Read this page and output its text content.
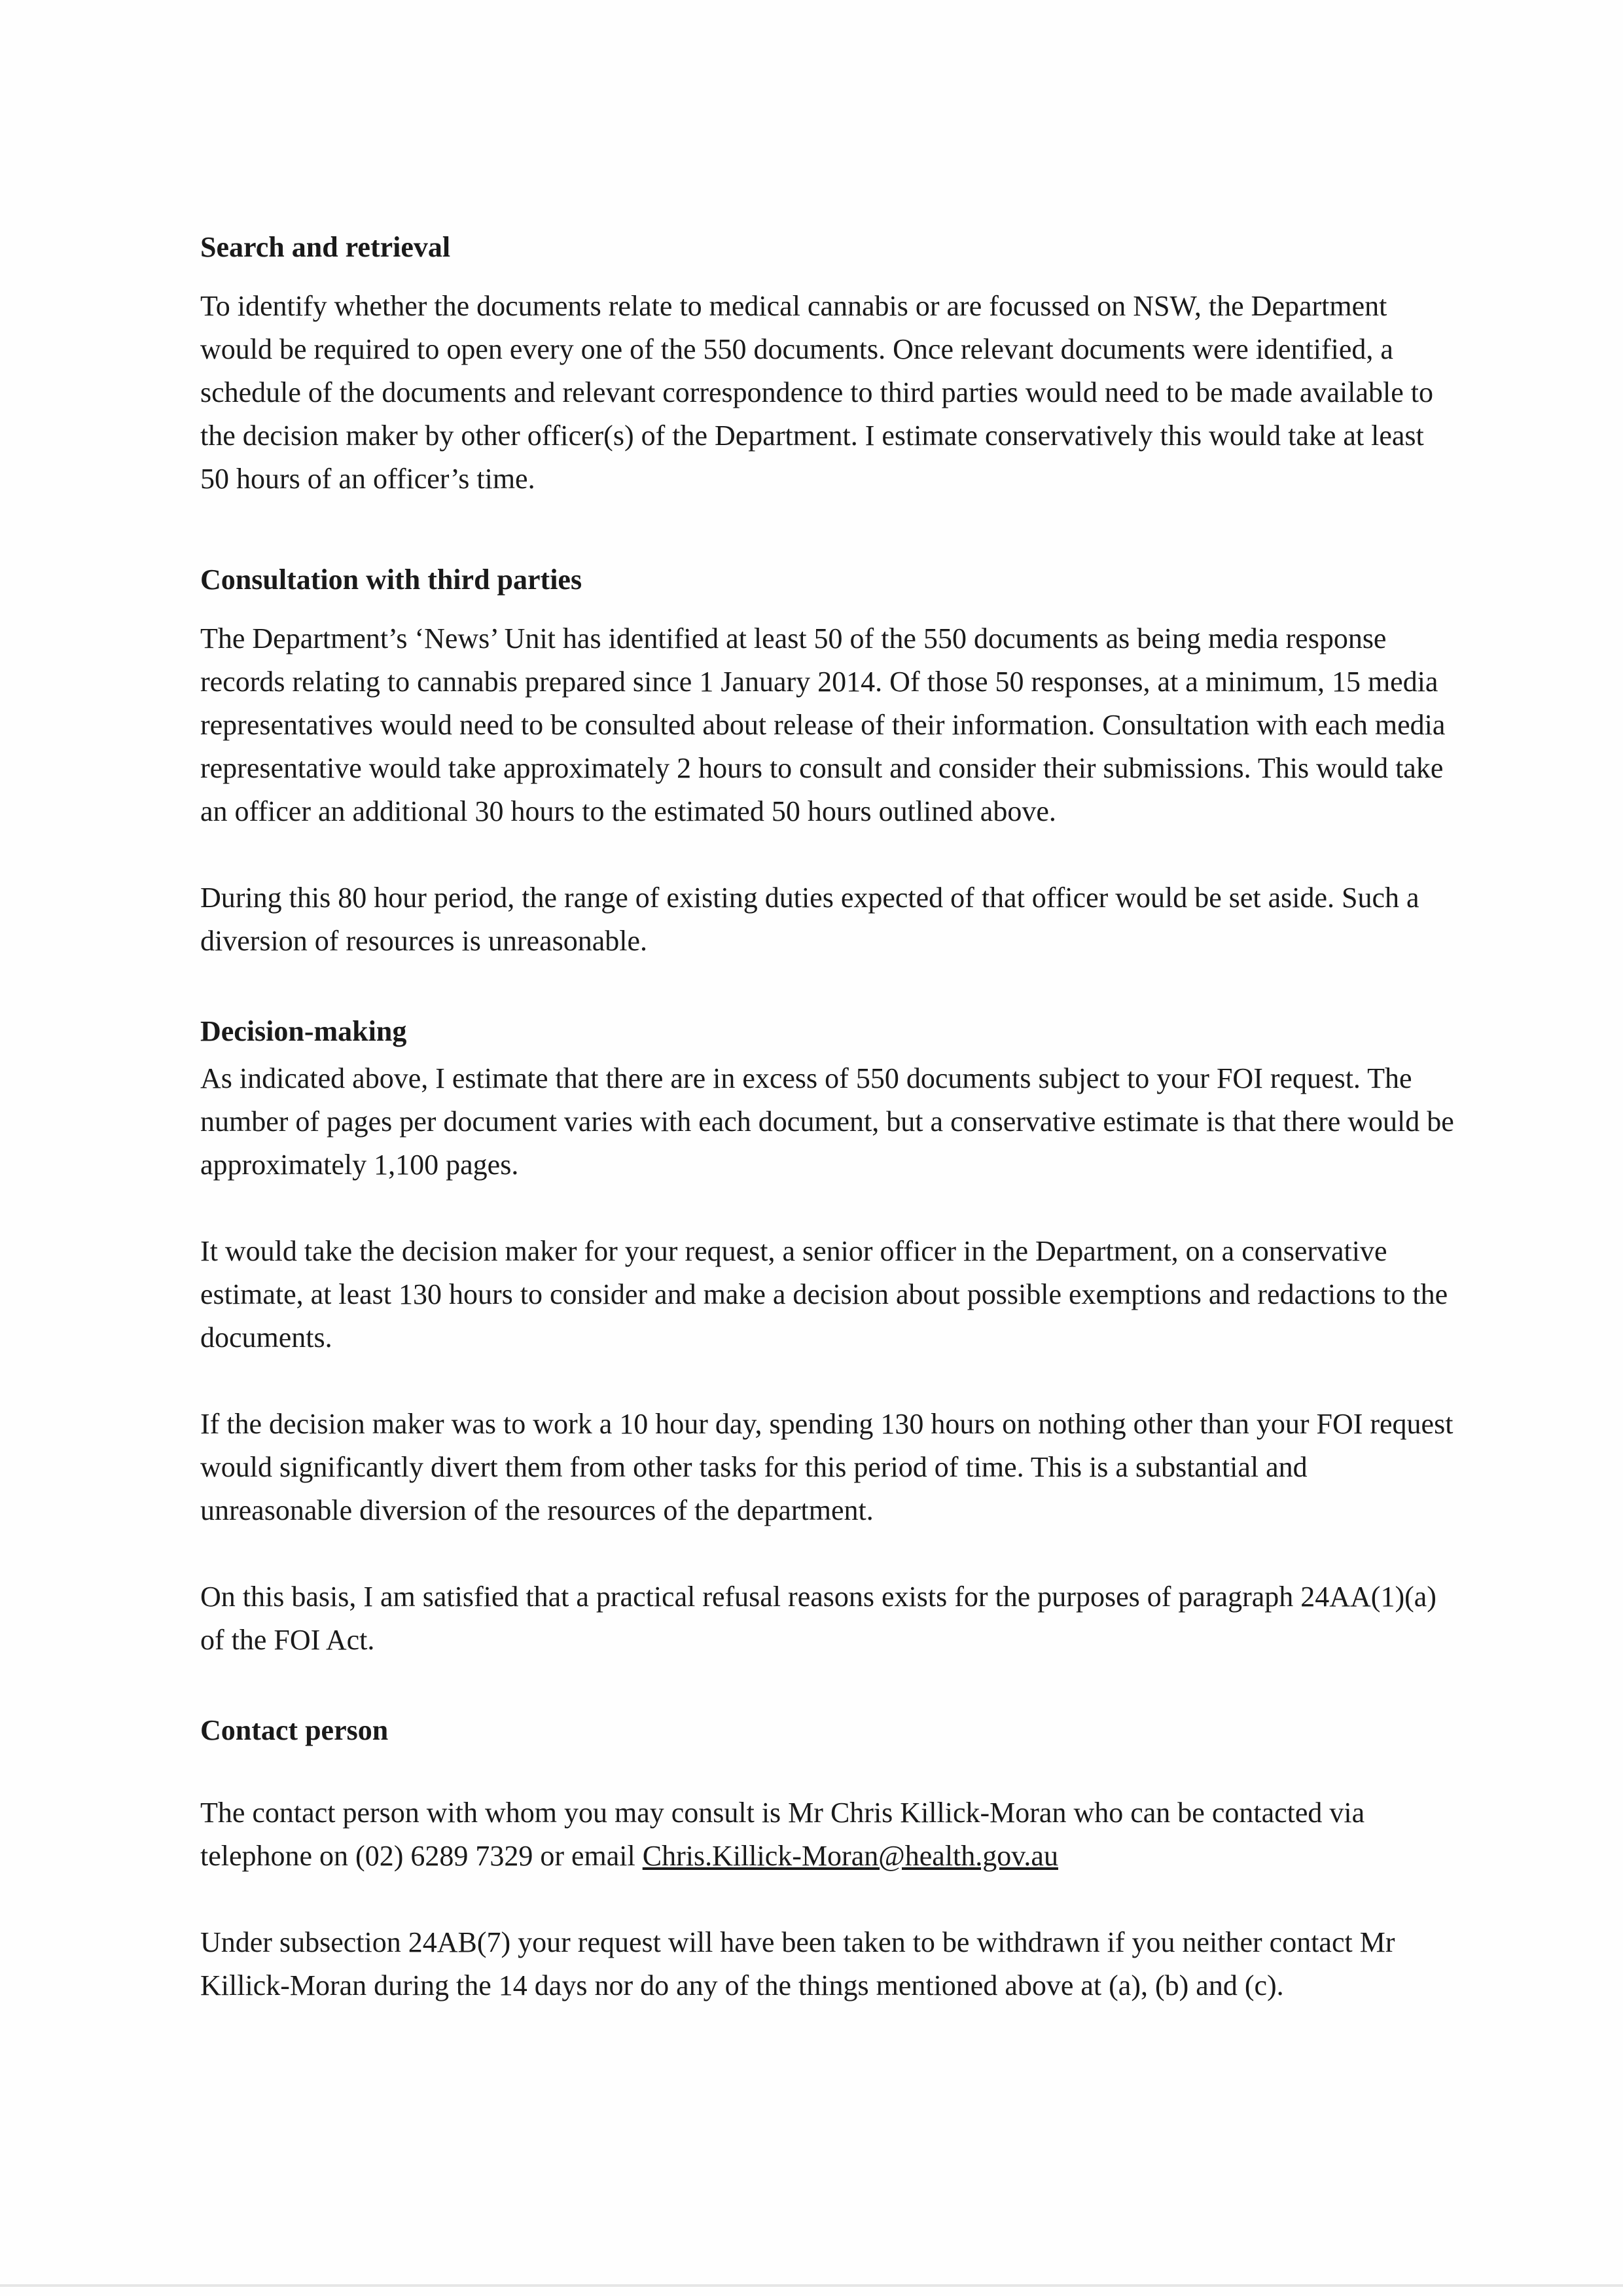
Search and retrieval

To identify whether the documents relate to medical cannabis or are focussed on NSW, the Department would be required to open every one of the 550 documents. Once relevant documents were identified, a schedule of the documents and relevant correspondence to third parties would need to be made available to the decision maker by other officer(s) of the Department. I estimate conservatively this would take at least 50 hours of an officer’s time.

Consultation with third parties

The Department’s ‘News’ Unit has identified at least 50 of the 550 documents as being media response records relating to cannabis prepared since 1 January 2014. Of those 50 responses, at a minimum, 15 media representatives would need to be consulted about release of their information. Consultation with each media representative would take approximately 2 hours to consult and consider their submissions. This would take an officer an additional 30 hours to the estimated 50 hours outlined above.

During this 80 hour period, the range of existing duties expected of that officer would be set aside. Such a diversion of resources is unreasonable.

Decision-making

As indicated above, I estimate that there are in excess of 550 documents subject to your FOI request. The number of pages per document varies with each document, but a conservative estimate is that there would be approximately 1,100 pages.

It would take the decision maker for your request, a senior officer in the Department, on a conservative estimate, at least 130 hours to consider and make a decision about possible exemptions and redactions to the documents.

If the decision maker was to work a 10 hour day, spending 130 hours on nothing other than your FOI request would significantly divert them from other tasks for this period of time. This is a substantial and unreasonable diversion of the resources of the department.

On this basis, I am satisfied that a practical refusal reasons exists for the purposes of paragraph 24AA(1)(a) of the FOI Act.

Contact person

The contact person with whom you may consult is Mr Chris Killick-Moran who can be contacted via telephone on (02) 6289 7329 or email Chris.Killick-Moran@health.gov.au

Under subsection 24AB(7) your request will have been taken to be withdrawn if you neither contact Mr Killick-Moran during the 14 days nor do any of the things mentioned above at (a), (b) and (c).
